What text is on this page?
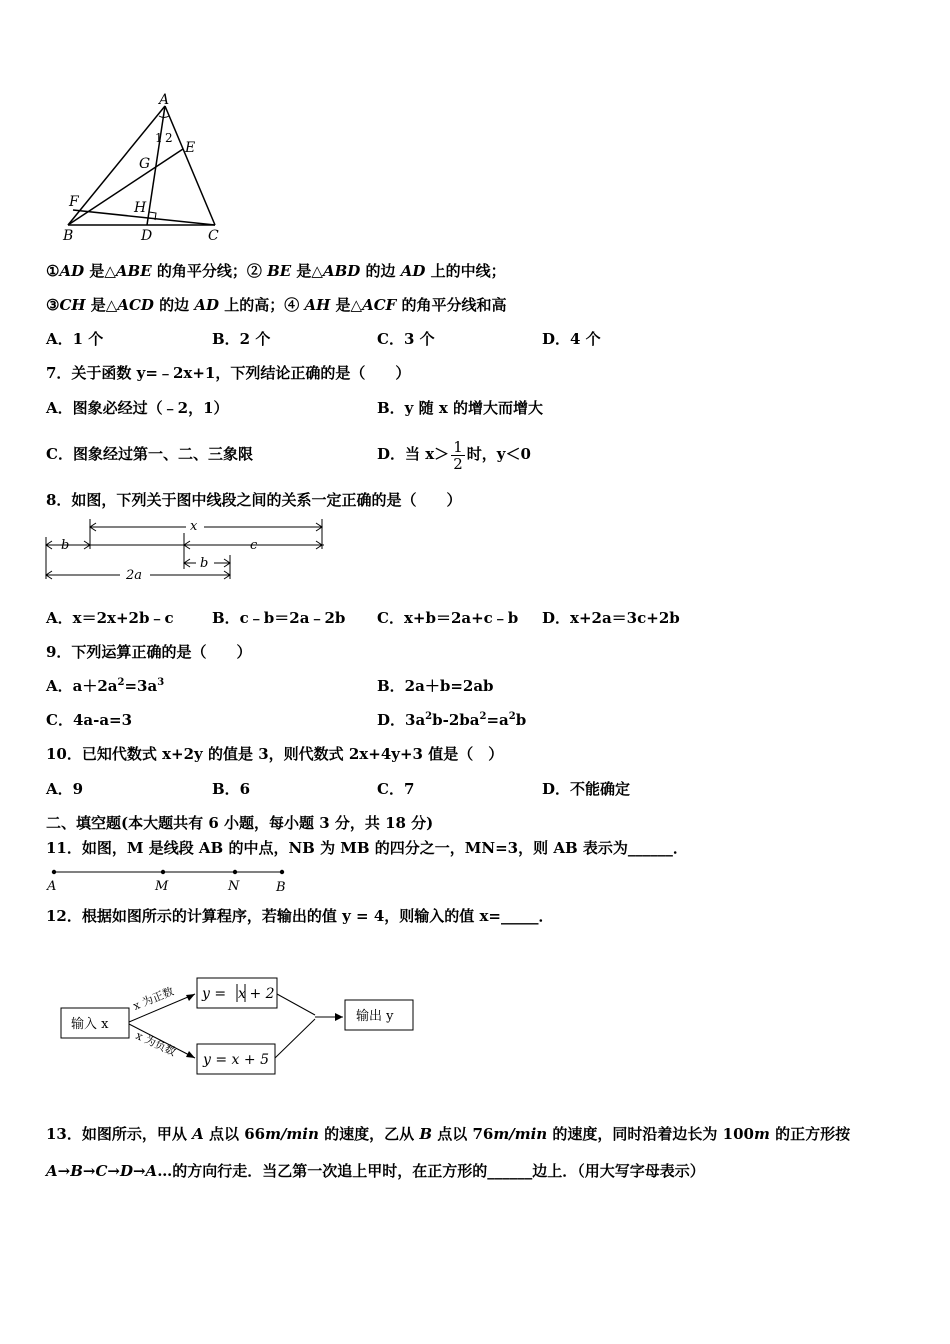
A
B	C
D
E
F
G
H
1 2
①AD 是△ABE 的角平分线；② BE 是△ABD 的边 AD 上的中线；
③CH 是△ACD 的边 AD 上的高；④ AH 是△ACF 的角平分线和高
A．1 个	B．2 个	C．3 个	D．4 个
7．关于函数 y=﹣2x+1，下列结论正确的是（　　）
A．图象必经过（﹣2，1）	B．y 随 x 的增大而增大
C．图象经过第一、二、三象限	D．当 $x> \frac{1}{2}$ 时，y＜0
8．如图，下列关于图中线段之间的关系一定正确的是（　　）
x
b	c
b
2a
A．x＝2x+2b﹣c	B．c﹣b＝2a﹣2b C．x+b＝2a+c﹣b D．x+2a＝3c+2b
9．下列运算正确的是（　　）
A．$a+2a^2=3a^3$	B．2a＋b=2ab
C．4a-a=3	D．$3a^2b-2ba^2=a^2b$
10．已知代数式 x+2y 的值是 3，则代数式 2x+4y+3 值是（　）
A．9	B．6	C．7	D．不能确定
二、填空题(本大题共有 6 小题，每小题 3 分，共 18 分)
11．如图，M 是线段 AB 的中点，NB 为 MB 的四分之一，MN=3，则 AB 表示为______．
A	M	N	B
12．根据如图所示的计算程序，若输出的值 y = 4，则输入的值 x=_____．
输入 x
输出 y
x 为正数
x 为负数
y = x + 2
y = x + 5
13．如图所示，甲从 A 点以 66m/min 的速度，乙从 B 点以 76m/min 的速度，同时沿着边长为 100m 的正方形按
A→B→C→D→A…的方向行走．当乙第一次追上甲时，在正方形的______边上．（用大写字母表示）
